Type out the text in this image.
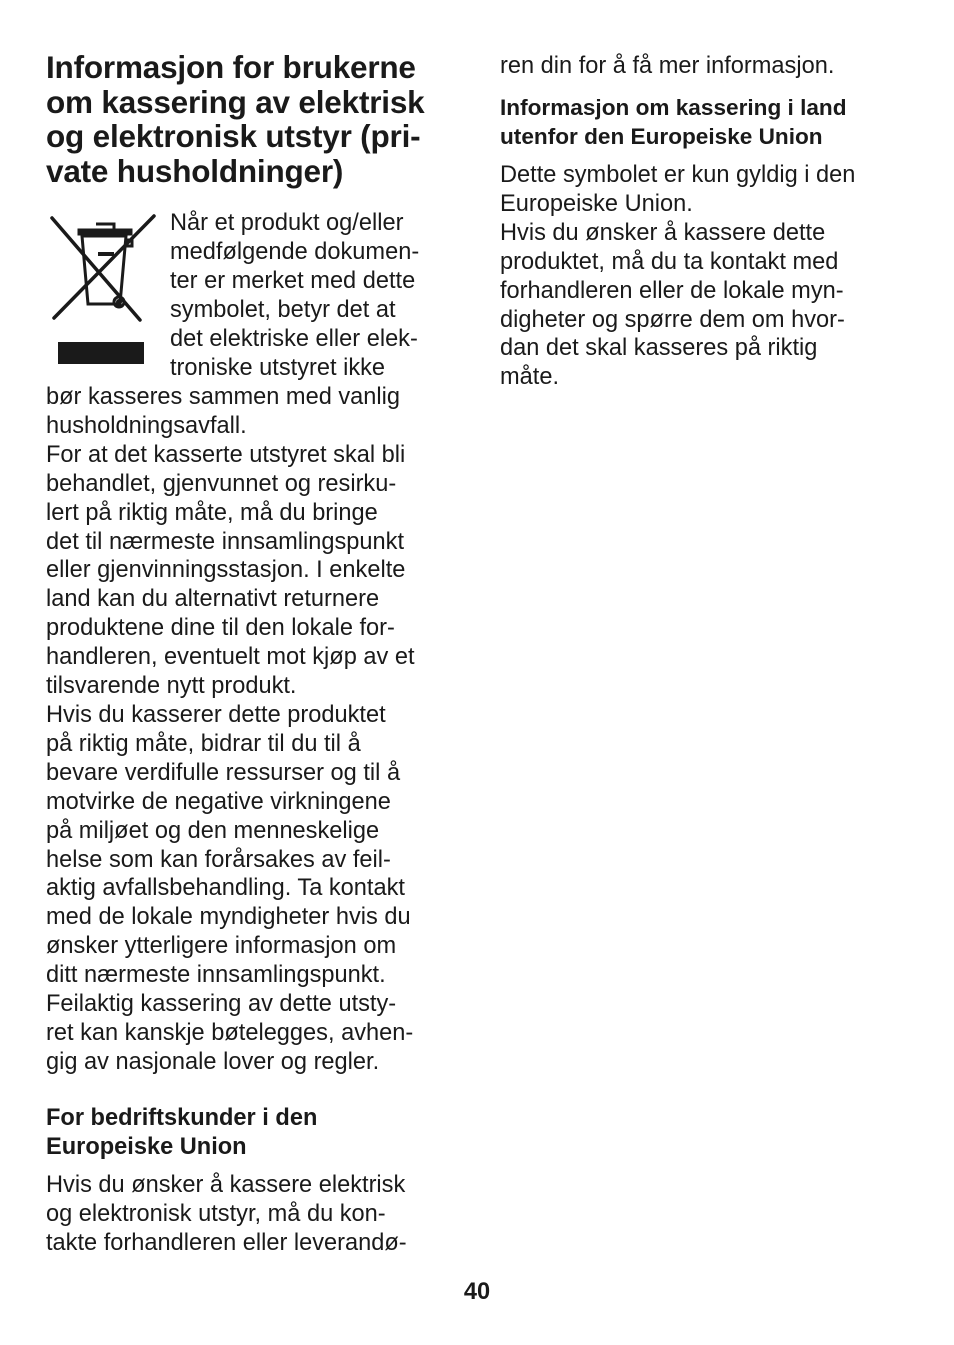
Informasjon for brukerne
om kassering av elektrisk
og elektronisk utstyr (pri-
vate husholdninger)

Når et produkt og/eller
medfølgende dokumen-
ter er merket med dette
symbolet, betyr det at
det elektriske eller elek-
troniske utstyret ikke

bør kasseres sammen med vanlig
husholdningsavfall.
For at det kasserte utstyret skal bli
behandlet, gjenvunnet og resirku-
lert på riktig måte, må du bringe
det til nærmeste innsamlingspunkt
eller gjenvinningsstasjon. I enkelte
land kan du alternativt returnere
produktene dine til den lokale for-
handleren, eventuelt mot kjøp av et
tilsvarende nytt produkt.
Hvis du kasserer dette produktet
på riktig måte, bidrar til du til å
bevare verdifulle ressurser og til å
motvirke de negative virkningene
på miljøet og den menneskelige
helse som kan forårsakes av feil-
aktig avfallsbehandling. Ta kontakt
med de lokale myndigheter hvis du
ønsker ytterligere informasjon om
ditt nærmeste innsamlingspunkt.
Feilaktig kassering av dette utsty-
ret kan kanskje bøtelegges, avhen-
gig av nasjonale lover og regler.

For bedriftskunder i den
Europeiske Union

Hvis du ønsker å kassere elektrisk
og elektronisk utstyr, må du kon-
takte forhandleren eller leverandø-

ren din for å få mer informasjon.

Informasjon om kassering i land
utenfor den Europeiske Union

Dette symbolet er kun gyldig i den
Europeiske Union.
Hvis du ønsker å kassere dette
produktet, må du ta kontakt med
forhandleren eller de lokale myn-
digheter og spørre dem om hvor-
dan det skal kasseres på riktig
måte.

40
